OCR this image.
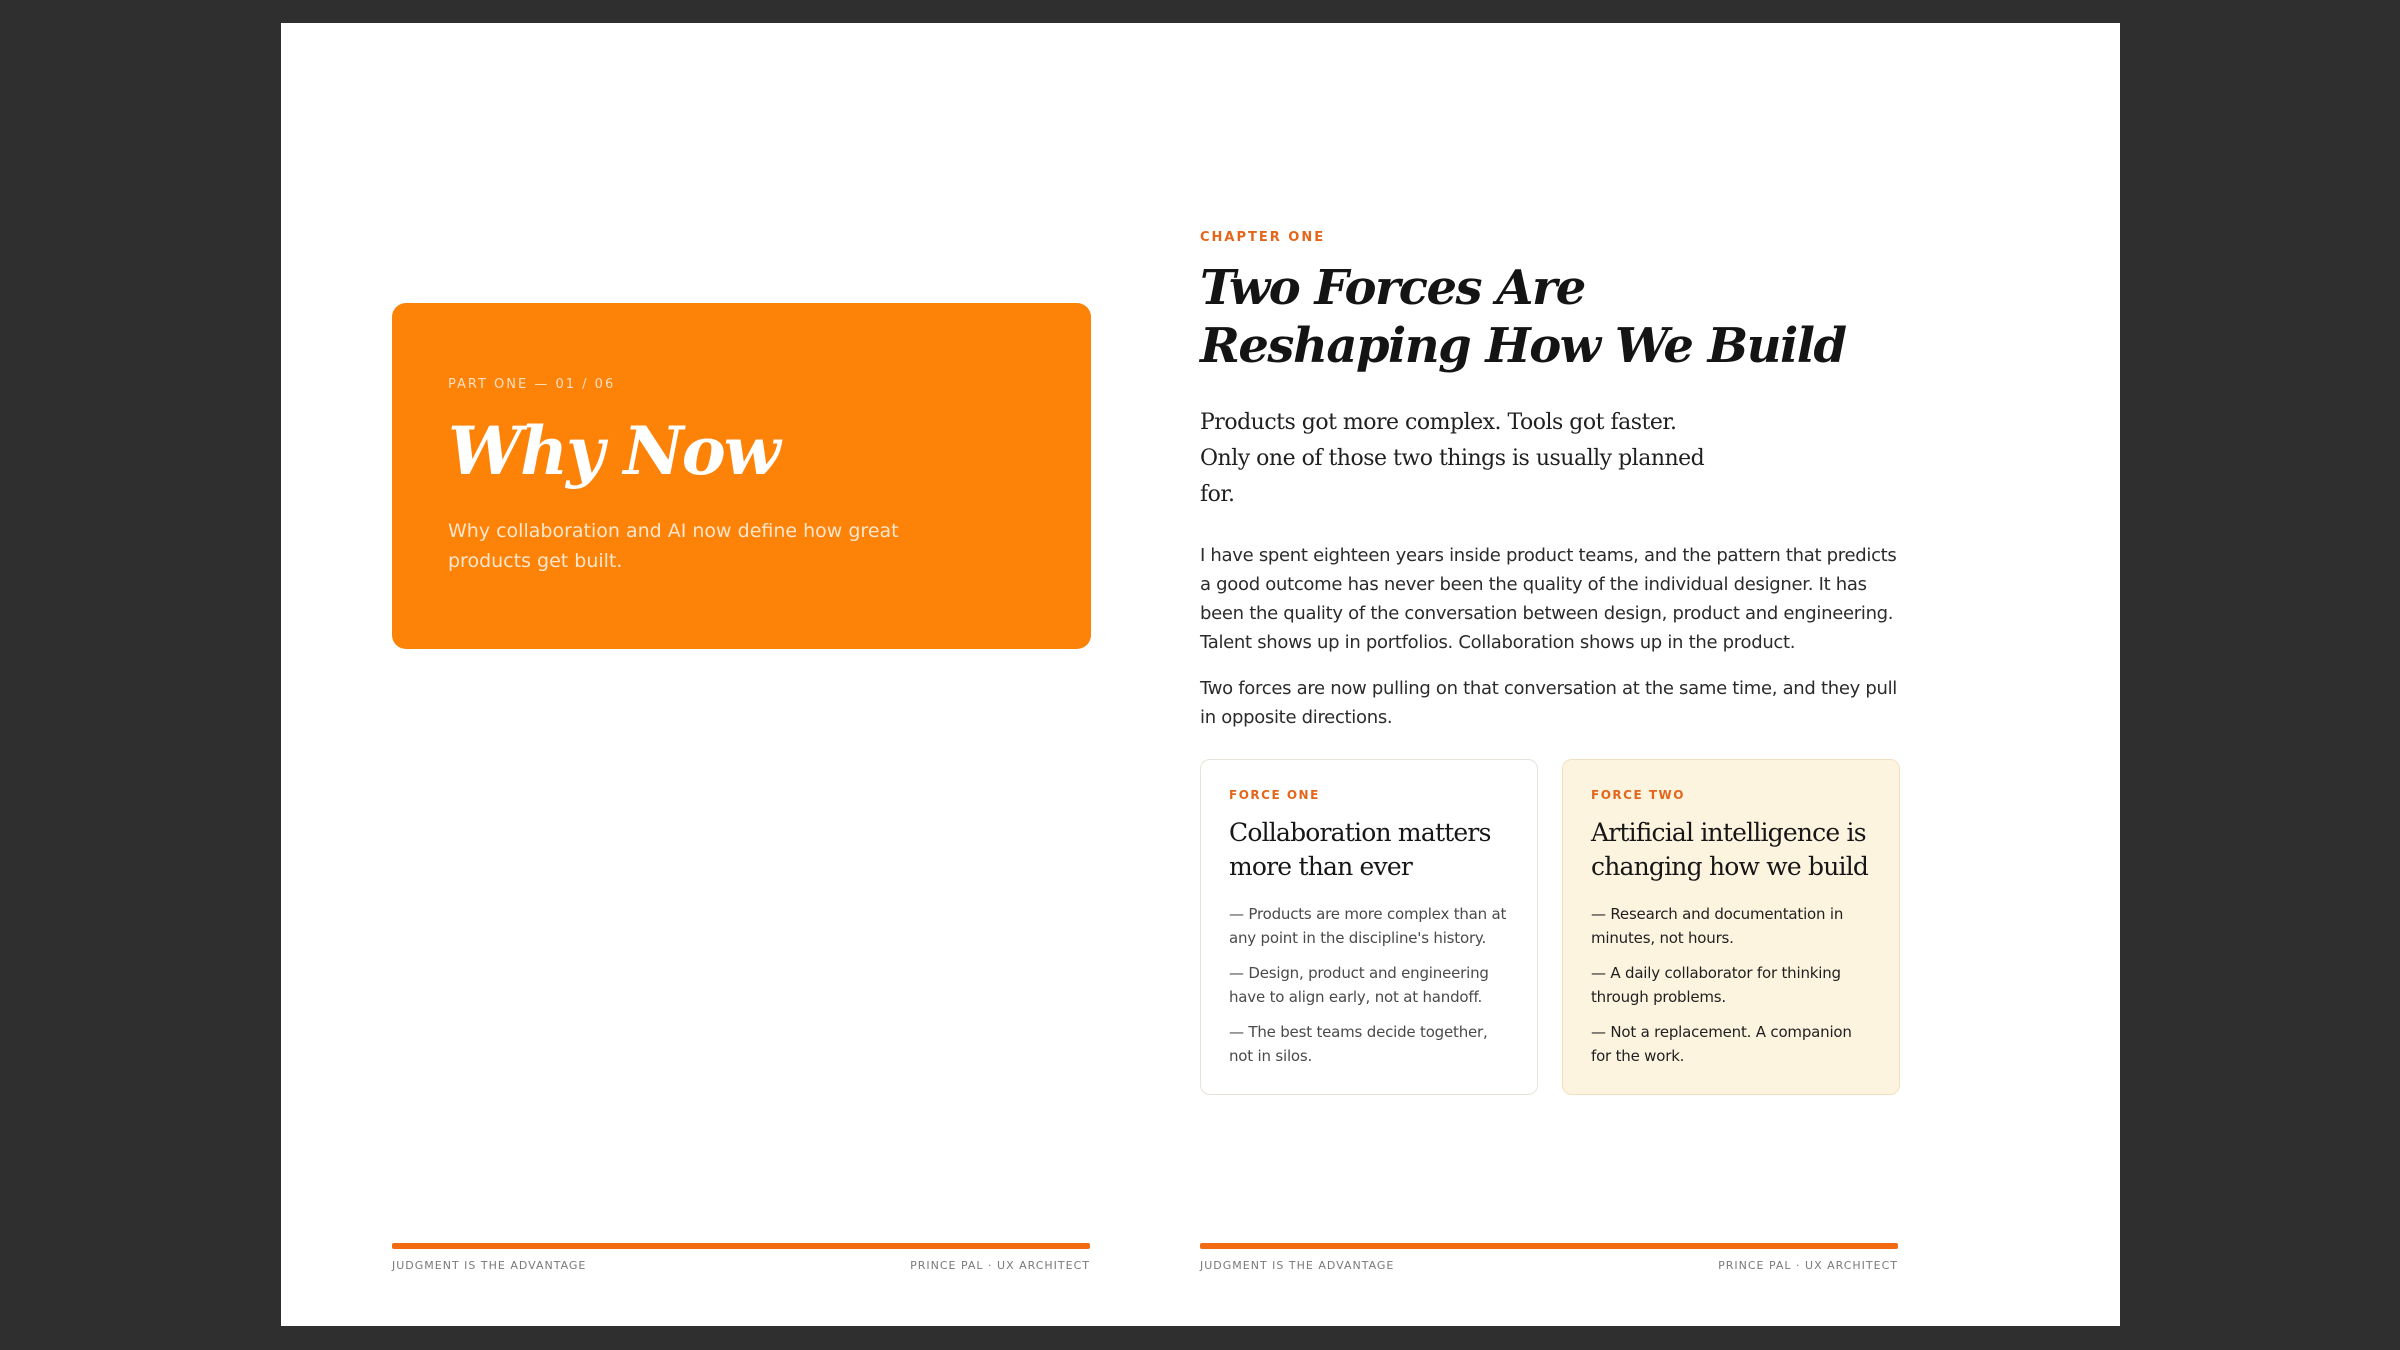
PART ONE — 01 / 06
Why Now
Why collaboration and AI now define how great products get built.
JUDGMENT IS THE ADVANTAGE	PRINCE PAL · UX ARCHITECT
CHAPTER ONE
Two Forces Are
Reshaping How We Build
Products got more complex. Tools got faster. Only one of those two things is usually planned for.

I have spent eighteen years inside product teams, and the pattern that predicts a good outcome has never been the quality of the individual designer. It has been the quality of the conversation between design, product and engineering. Talent shows up in portfolios. Collaboration shows up in the product.

Two forces are now pulling on that conversation at the same time, and they pull in opposite directions.

FORCE ONE
Collaboration matters more than ever
— Products are more complex than at any point in the discipline's history.
— Design, product and engineering have to align early, not at handoff.
— The best teams decide together, not in silos.
FORCE TWO
Artificial intelligence is changing how we build
— Research and documentation in minutes, not hours.
— A daily collaborator for thinking through problems.
— Not a replacement. A companion for the work.
JUDGMENT IS THE ADVANTAGE	PRINCE PAL · UX ARCHITECT
